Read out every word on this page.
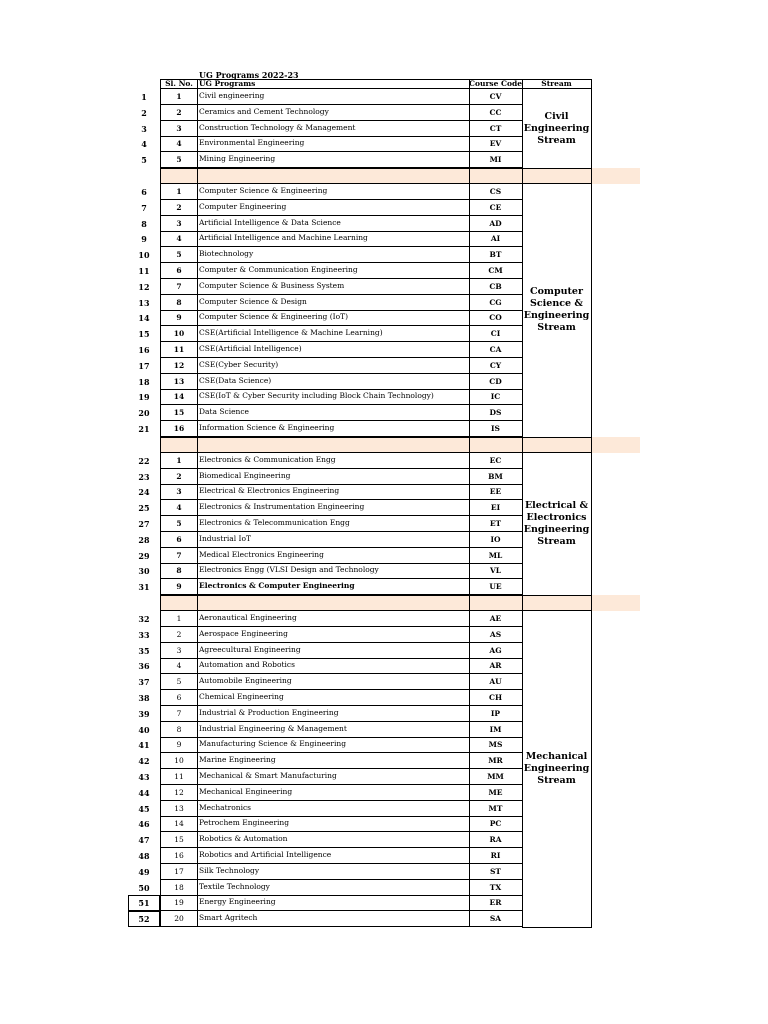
UG Programs 2022-23
Sl. No. UG Programs	Course Code	Stream
1	1	Civil engineering	CV
2	2	Ceramics and Cement Technology	CC
3	3	Construction Technology & Management	CT
4	4	Environmental Engineering	EV
5	5	Mining Engineering	MI
Civil
Engineering
Stream
6	1	Computer Science & Engineering	CS
7	2	Computer Engineering	CE
8	3	Artificial Intelligence & Data Science	AD
9	4	Artificial Intelligence and Machine Learning	AI
10	5	Biotechnology	BT
11	6	Computer & Communication Engineering	CM
12	7	Computer Science & Business System	CB
13	8	Computer Science & Design	CG
14	9	Computer Science & Engineering (IoT)	CO
15	10	CSE(Artificial Intelligence & Machine Learning)	CI
16	11	CSE(Artificial Intelligence)	CA
17	12	CSE(Cyber Security)	CY
18	13	CSE(Data Science)	CD
19	14	CSE(IoT & Cyber Security including Block Chain Technology)	IC
20	15	Data Science	DS
21	16	Information Science & Engineering	IS
Computer
Science &
Engineering
Stream
22	1	Electronics & Communication Engg	EC
23	2	Biomedical Engineering	BM
24	3	Electrical & Electronics Engineering	EE
25	4	Electronics & Instrumentation Engineering	EI
27	5	Electronics & Telecommunication Engg	ET
28	6	Industrial IoT	IO
29	7	Medical Electronics Engineering	ML
30	8	Electronics Engg (VLSI Design and Technology	VL
31	9	Electronics & Computer Engineering	UE
Electrical &
Electronics
Engineering
Stream
32	1	Aeronautical Engineering	AE
33	2	Aerospace Engineering	AS
35	3	Agreecultural Engineering	AG
36	4	Automation and Robotics	AR
37	5	Automobile Engineering	AU
38	6	Chemical Engineering	CH
39	7	Industrial & Production Engineering	IP
40	8	Industrial Engineering & Management	IM
41	9	Manufacturing Science & Engineering	MS
42	10	Marine Engineering	MR
43	11	Mechanical & Smart Manufacturing	MM
44	12	Mechanical Engineering	ME
45	13	Mechatronics	MT
46	14	Petrochem Engineering	PC
47	15	Robotics & Automation	RA
48	16	Robotics and Artificial Intelligence	RI
49	17	Silk Technology	ST
50	18	Textile Technology	TX
51	19	Energy Engineering	ER
52	20	Smart Agritech	SA
Mechanical
Engineering
Stream
